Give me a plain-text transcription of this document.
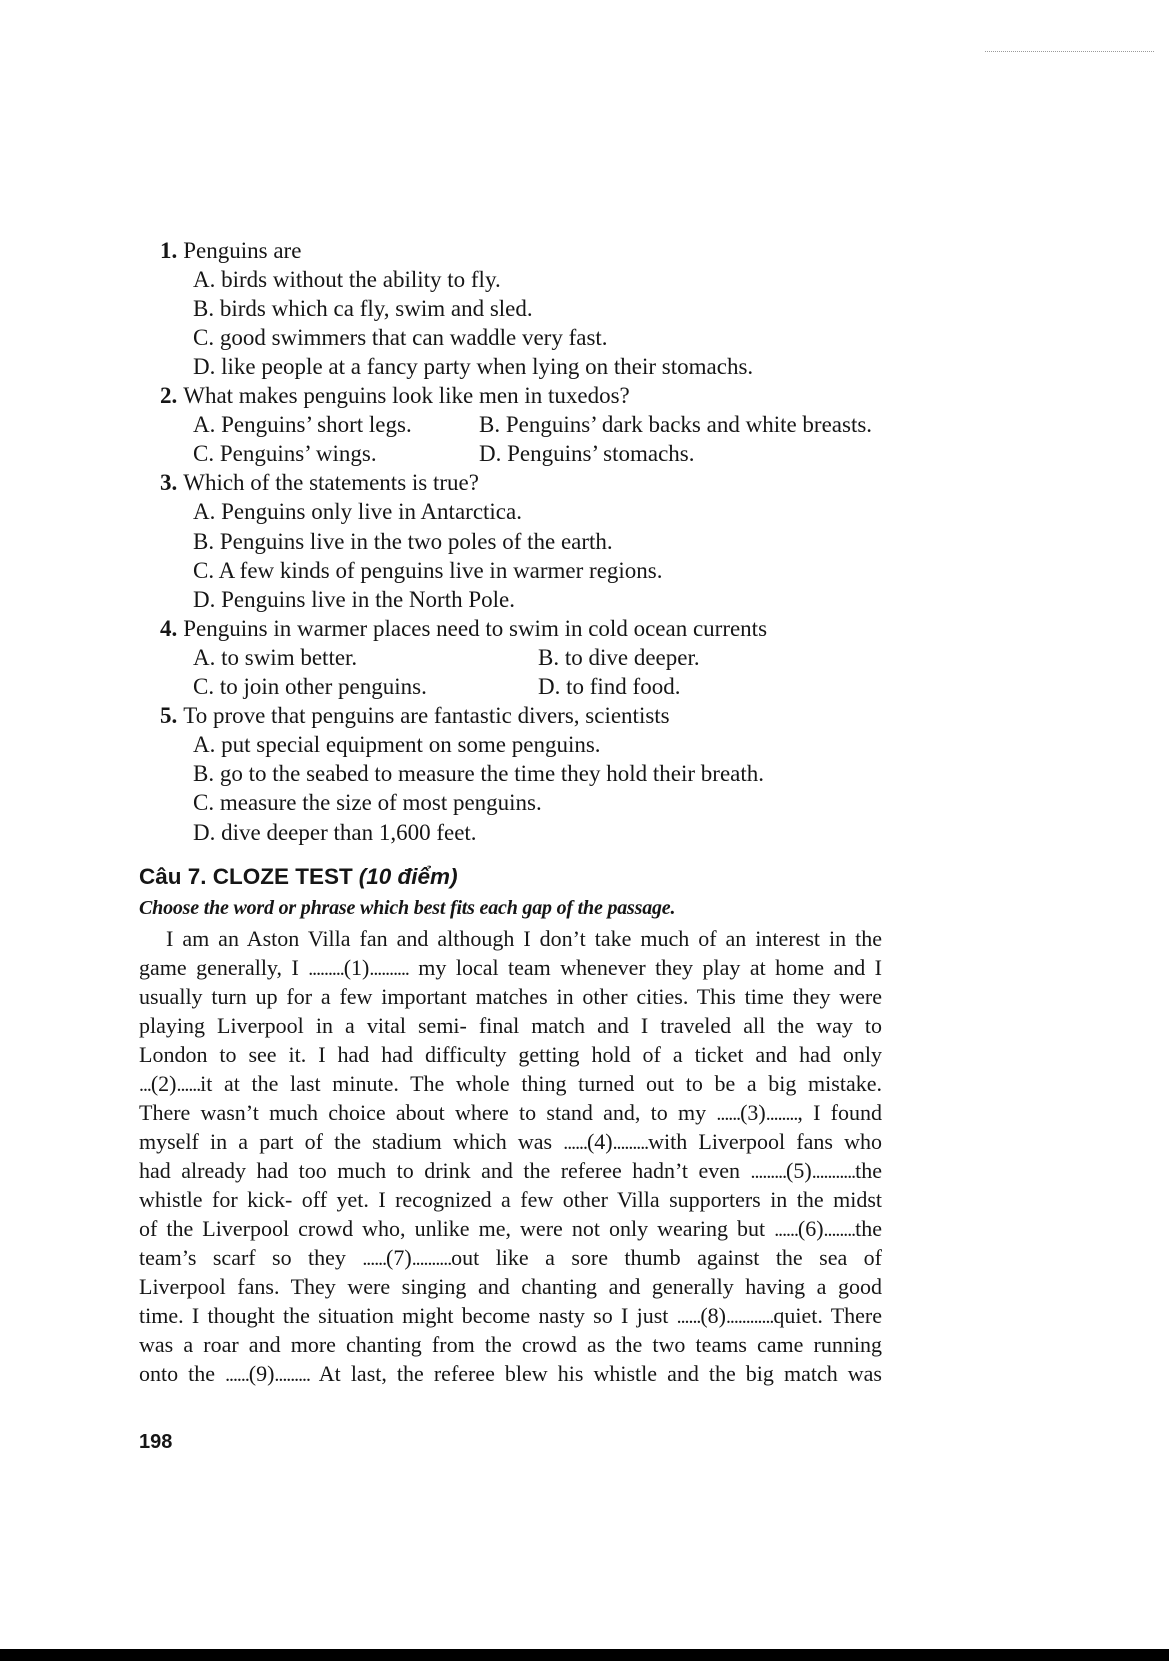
1. Penguins are
A. birds without the ability to fly.
B. birds which ca fly, swim and sled.
C. good swimmers that can waddle very fast.
D. like people at a fancy party when lying on their stomachs.
2. What makes penguins look like men in tuxedos?
A. Penguins’ short legs.	B. Penguins’ dark backs and white breasts.
C. Penguins’ wings.	D. Penguins’ stomachs.
3. Which of the statements is true?
A. Penguins only live in Antarctica.
B. Penguins live in the two poles of the earth.
C. A few kinds of penguins live in warmer regions.
D. Penguins live in the North Pole.
4. Penguins in warmer places need to swim in cold ocean currents
A. to swim better.	B. to dive deeper.
C. to join other penguins.	D. to find food.
5. To prove that penguins are fantastic divers, scientists
A. put special equipment on some penguins.
B. go to the seabed to measure the time they hold their breath.
C. measure the size of most penguins.
D. dive deeper than 1,600 feet.
Câu 7. CLOZE TEST (10 điểm)
Choose the word or phrase which best fits each gap of the passage.
I am an Aston Villa fan and although I don’t take much of an interest in the
game generally, I .........(1).......... my local team whenever they play at home and I
usually turn up for a few important matches in other cities. This time they were
playing Liverpool in a vital semi- final match and I traveled all the way to
London to see it. I had had difficulty getting hold of a ticket and had only
...(2)......it at the last minute. The whole thing turned out to be a big mistake.
There wasn’t much choice about where to stand and, to my ......(3)........, I found
myself in a part of the stadium which was ......(4).........with Liverpool fans who
had already had too much to drink and the referee hadn’t even .........(5)...........the
whistle for kick- off yet. I recognized a few other Villa supporters in the midst
of the Liverpool crowd who, unlike me, were not only wearing but ......(6)........the
team’s scarf so they ......(7)..........out like a sore thumb against the sea of
Liverpool fans. They were singing and chanting and generally having a good
time. I thought the situation might become nasty so I just ......(8)............quiet. There
was a roar and more chanting from the crowd as the two teams came running
onto the ......(9)......... At last, the referee blew his whistle and the big match was
198
